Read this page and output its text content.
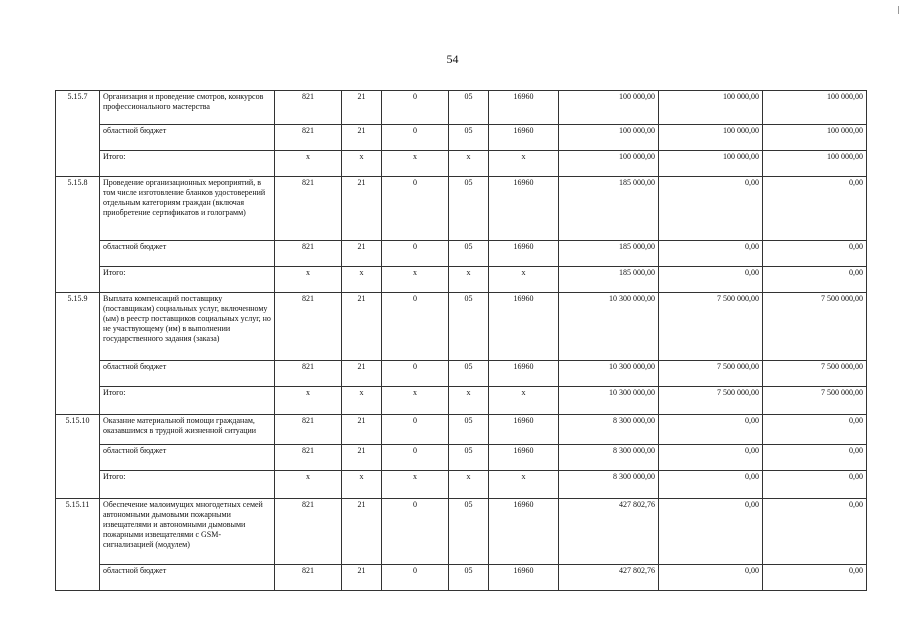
54
5.15.7	Организация и проведение смотров, конкурсов профессионального мастерства	821	21	0	05	16960	100 000,00	100 000,00	100 000,00
	областной бюджет	821	21	0	05	16960	100 000,00	100 000,00	100 000,00
	Итого:	x	x	x	x	x	100 000,00	100 000,00	100 000,00
5.15.8	Проведение организационных мероприятий, в том числе изготовление бланков удостоверений отдельным категориям граждан (включая приобретение сертификатов и голограмм)	821	21	0	05	16960	185 000,00	0,00	0,00
	областной бюджет	821	21	0	05	16960	185 000,00	0,00	0,00
	Итого:	x	x	x	x	x	185 000,00	0,00	0,00
5.15.9	Выплата компенсаций поставщику (поставщикам) социальных услуг, включенному (ым) в реестр поставщиков социальных услуг, но не участвующему (им) в выполнении государственного задания (заказа)	821	21	0	05	16960	10 300 000,00	7 500 000,00	7 500 000,00
	областной бюджет	821	21	0	05	16960	10 300 000,00	7 500 000,00	7 500 000,00
	Итого:	x	x	x	x	x	10 300 000,00	7 500 000,00	7 500 000,00
5.15.10	Оказание материальной помощи гражданам, оказавшимся в трудной жизненной ситуации	821	21	0	05	16960	8 300 000,00	0,00	0,00
	областной бюджет	821	21	0	05	16960	8 300 000,00	0,00	0,00
	Итого:	x	x	x	x	x	8 300 000,00	0,00	0,00
5.15.11	Обеспечение малоимущих многодетных семей автономными дымовыми пожарными извещателями и автономными дымовыми пожарными извещателями с GSM-сигнализацией (модулем)	821	21	0	05	16960	427 802,76	0,00	0,00
	областной бюджет	821	21	0	05	16960	427 802,76	0,00	0,00
